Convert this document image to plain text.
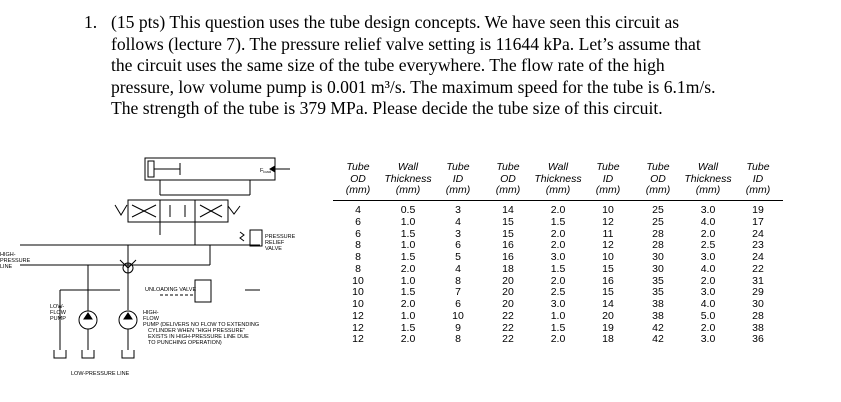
1. (15 pts) This question uses the tube design concepts. We have seen this circuit as
follows (lecture 7). The pressure relief valve setting is 11644 kPa. Let’s assume that
the circuit uses the same size of the tube everywhere. The flow rate of the high
pressure, low volume pump is 0.001 m³/s. The maximum speed for the tube is 6.1m/s.
The strength of the tube is 379 MPa. Please decide the tube size of this circuit.
Fload
PRESSURE
RELIEF
VALVE
HIGH-
PRESSURE
LINE
UNLOADING VALVE
LOW-
FLOW
PUMP
HIGH-
FLOW
PUMP (DELIVERS NO FLOW TO EXTENDING
CYLINDER WHEN "HIGH PRESSURE"
EXISTS IN HIGH-PRESSURE LINE DUE
TO PUNCHING OPERATION)
LOW-PRESSURE LINE
Tube
OD
(mm)	Wall
Thickness
(mm)	Tube
ID
(mm)	Tube
OD
(mm)	Wall
Thickness
(mm)	Tube
ID
(mm)	Tube
OD
(mm)	Wall
Thickness
(mm)	Tube
ID
(mm)

4	0.5	3	14	2.0	10	25	3.0	19
6	1.0	4	15	1.5	12	25	4.0	17
6	1.5	3	15	2.0	11	28	2.0	24
8	1.0	6	16	2.0	12	28	2.5	23
8	1.5	5	16	3.0	10	30	3.0	24
8	2.0	4	18	1.5	15	30	4.0	22
10	1.0	8	20	2.0	16	35	2.0	31
10	1.5	7	20	2.5	15	35	3.0	29
10	2.0	6	20	3.0	14	38	4.0	30
12	1.0	10	22	1.0	20	38	5.0	28
12	1.5	9	22	1.5	19	42	2.0	38
12	2.0	8	22	2.0	18	42	3.0	36
